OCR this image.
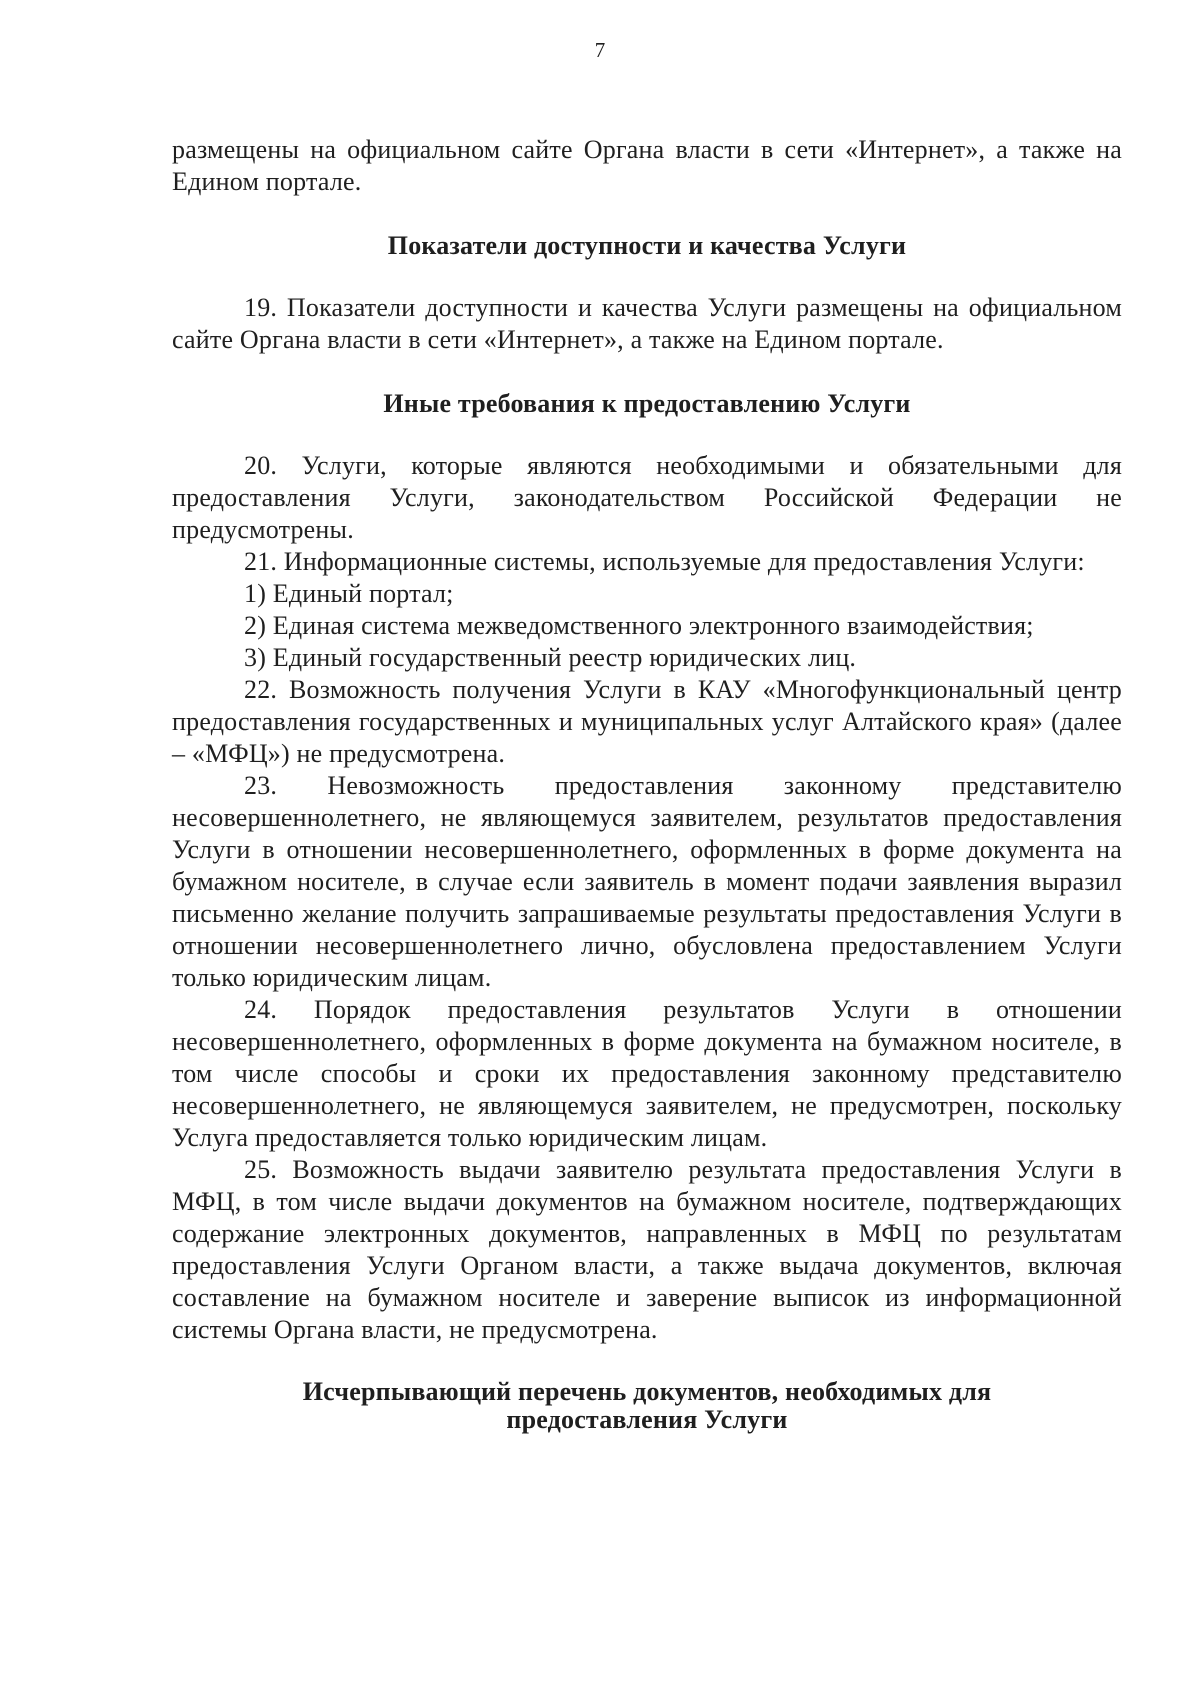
7

размещены на официальном сайте Органа власти в сети «Интернет», а также на Едином портале.

Показатели доступности и качества Услуги

19. Показатели доступности и качества Услуги размещены на официальном сайте Органа власти в сети «Интернет», а также на Едином портале.

Иные требования к предоставлению Услуги

20. Услуги, которые являются необходимыми и обязательными для предоставления Услуги, законодательством Российской Федерации не предусмотрены.

21. Информационные системы, используемые для предоставления Услуги:

1) Единый портал;

2) Единая система межведомственного электронного взаимодействия;

3) Единый государственный реестр юридических лиц.

22. Возможность получения Услуги в КАУ «Многофункциональный центр предоставления государственных и муниципальных услуг Алтайского края» (далее – «МФЦ») не предусмотрена.

23. Невозможность предоставления законному представителю несовершеннолетнего, не являющемуся заявителем, результатов предоставления Услуги в отношении несовершеннолетнего, оформленных в форме документа на бумажном носителе, в случае если заявитель в момент подачи заявления выразил письменно желание получить запрашиваемые результаты предоставления Услуги в отношении несовершеннолетнего лично, обусловлена предоставлением Услуги только юридическим лицам.

24. Порядок предоставления результатов Услуги в отношении несовершеннолетнего, оформленных в форме документа на бумажном носителе, в том числе способы и сроки их предоставления законному представителю несовершеннолетнего, не являющемуся заявителем, не предусмотрен, поскольку Услуга предоставляется только юридическим лицам.

25. Возможность выдачи заявителю результата предоставления Услуги в МФЦ, в том числе выдачи документов на бумажном носителе, подтверждающих содержание электронных документов, направленных в МФЦ по результатам предоставления Услуги Органом власти, а также выдача документов, включая составление на бумажном носителе и заверение выписок из информационной системы Органа власти, не предусмотрена.

Исчерпывающий перечень документов, необходимых для
предоставления Услуги
